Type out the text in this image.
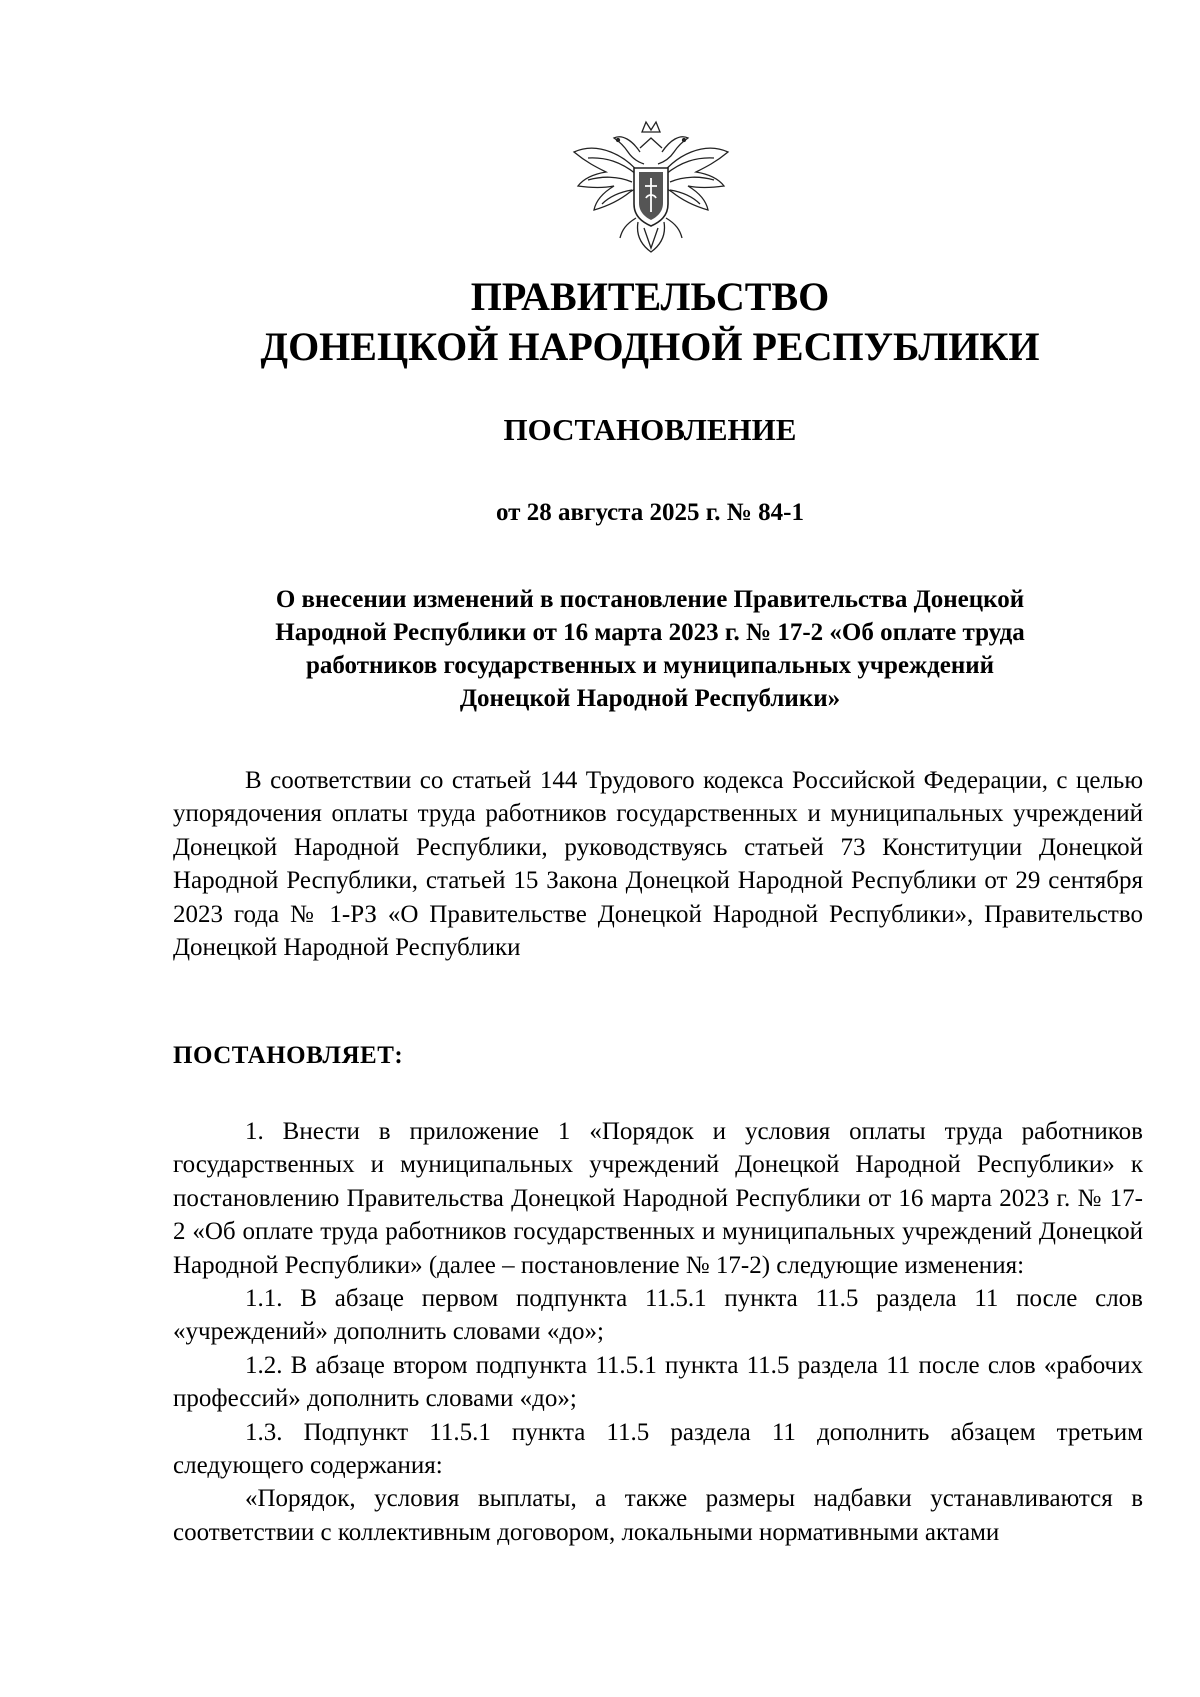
ПРАВИТЕЛЬСТВО
ДОНЕЦКОЙ НАРОДНОЙ РЕСПУБЛИКИ
ПОСТАНОВЛЕНИЕ
от 28 августа 2025 г. № 84-1
О внесении изменений в постановление Правительства Донецкой
Народной Республики от 16 марта 2023 г. № 17-2 «Об оплате труда
работников государственных и муниципальных учреждений
Донецкой Народной Республики»

В соответствии со статьей 144 Трудового кодекса Российской Федерации, с целью упорядочения оплаты труда работников государственных и муниципальных учреждений Донецкой Народной Республики, руководствуясь статьей 73 Конституции Донецкой Народной Республики, статьей 15 Закона Донецкой Народной Республики от 29 сентября 2023 года № 1-РЗ «О Правительстве Донецкой Народной Республики», Правительство Донецкой Народной Республики

ПОСТАНОВЛЯЕТ:

1. Внести в приложение 1 «Порядок и условия оплаты труда работников государственных и муниципальных учреждений Донецкой Народной Республики» к постановлению Правительства Донецкой Народной Республики от 16 марта 2023 г. № 17-2 «Об оплате труда работников государственных и муниципальных учреждений Донецкой Народной Республики» (далее – постановление № 17-2) следующие изменения:

1.1. В абзаце первом подпункта 11.5.1 пункта 11.5 раздела 11 после слов «учреждений» дополнить словами «до»;

1.2. В абзаце втором подпункта 11.5.1 пункта 11.5 раздела 11 после слов «рабочих профессий» дополнить словами «до»;

1.3. Подпункт 11.5.1 пункта 11.5 раздела 11 дополнить абзацем третьим следующего содержания:

«Порядок, условия выплаты, а также размеры надбавки устанавливаются в соответствии с коллективным договором, локальными нормативными актами
